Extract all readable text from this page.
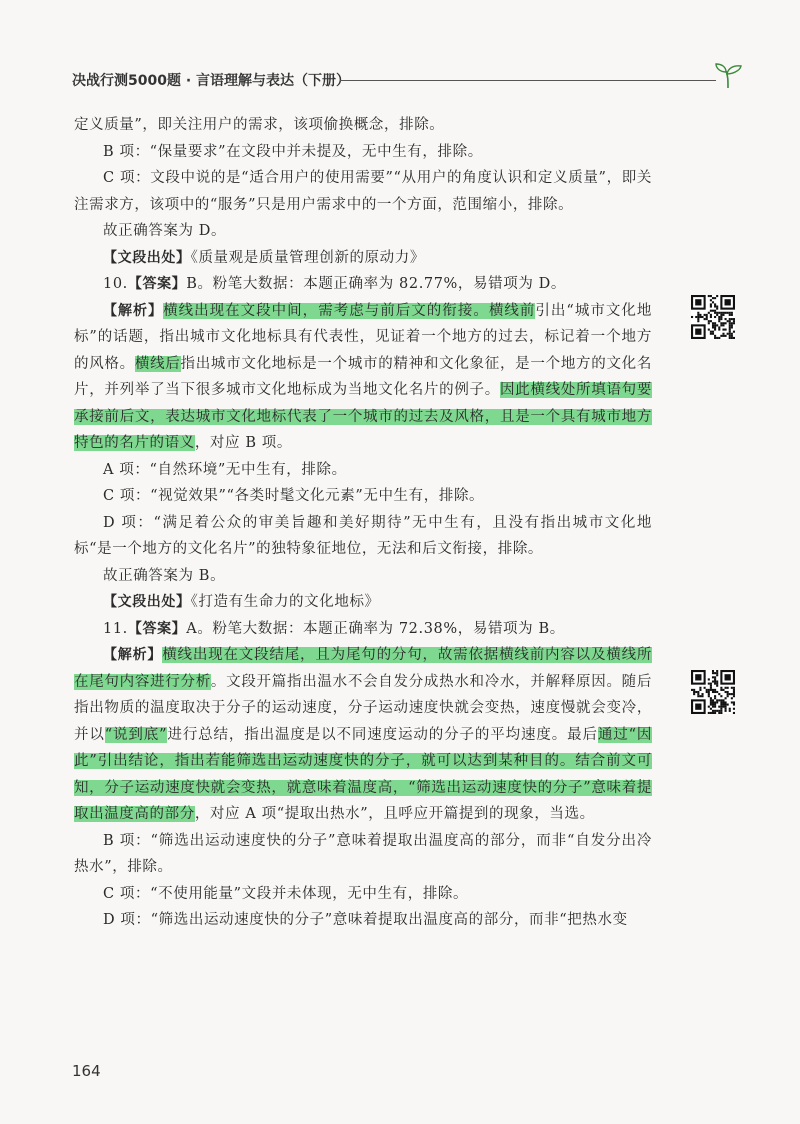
决战行测5000题 · 言语理解与表达（下册）

定义质量”，即关注用户的需求，该项偷换概念，排除。

B 项：“保量要求”在文段中并未提及，无中生有，排除。

C 项：文段中说的是“适合用户的使用需要”“从用户的角度认识和定义质量”，即关注需求方，该项中的“服务”只是用户需求中的一个方面，范围缩小，排除。

故正确答案为 D。

【文段出处】《质量观是质量管理创新的原动力》

10.【答案】B。粉笔大数据：本题正确率为 82.77%，易错项为 D。

【解析】横线出现在文段中间，需考虑与前后文的衔接。横线前引出“城市文化地标”的话题，指出城市文化地标具有代表性，见证着一个地方的过去，标记着一个地方的风格。横线后指出城市文化地标是一个城市的精神和文化象征，是一个地方的文化名片，并列举了当下很多城市文化地标成为当地文化名片的例子。因此横线处所填语句要承接前后文，表达城市文化地标代表了一个城市的过去及风格，且是一个具有城市地方特色的名片的语义，对应 B 项。

A 项：“自然环境”无中生有，排除。

C 项：“视觉效果”“各类时髦文化元素”无中生有，排除。

D 项：“满足着公众的审美旨趣和美好期待”无中生有，且没有指出城市文化地标“是一个地方的文化名片”的独特象征地位，无法和后文衔接，排除。

故正确答案为 B。

【文段出处】《打造有生命力的文化地标》

11.【答案】A。粉笔大数据：本题正确率为 72.38%，易错项为 B。

【解析】横线出现在文段结尾，且为尾句的分句，故需依据横线前内容以及横线所在尾句内容进行分析。文段开篇指出温水不会自发分成热水和冷水，并解释原因。随后指出物质的温度取决于分子的运动速度，分子运动速度快就会变热，速度慢就会变冷，并以“说到底”进行总结，指出温度是以不同速度运动的分子的平均速度。最后通过“因此”引出结论，指出若能筛选出运动速度快的分子，就可以达到某种目的。结合前文可知，分子运动速度快就会变热，就意味着温度高，“筛选出运动速度快的分子”意味着提取出温度高的部分，对应 A 项“提取出热水”，且呼应开篇提到的现象，当选。

B 项：“筛选出运动速度快的分子”意味着提取出温度高的部分，而非“自发分出冷热水”，排除。

C 项：“不使用能量”文段并未体现，无中生有，排除。

D 项：“筛选出运动速度快的分子”意味着提取出温度高的部分，而非“把热水变

164
